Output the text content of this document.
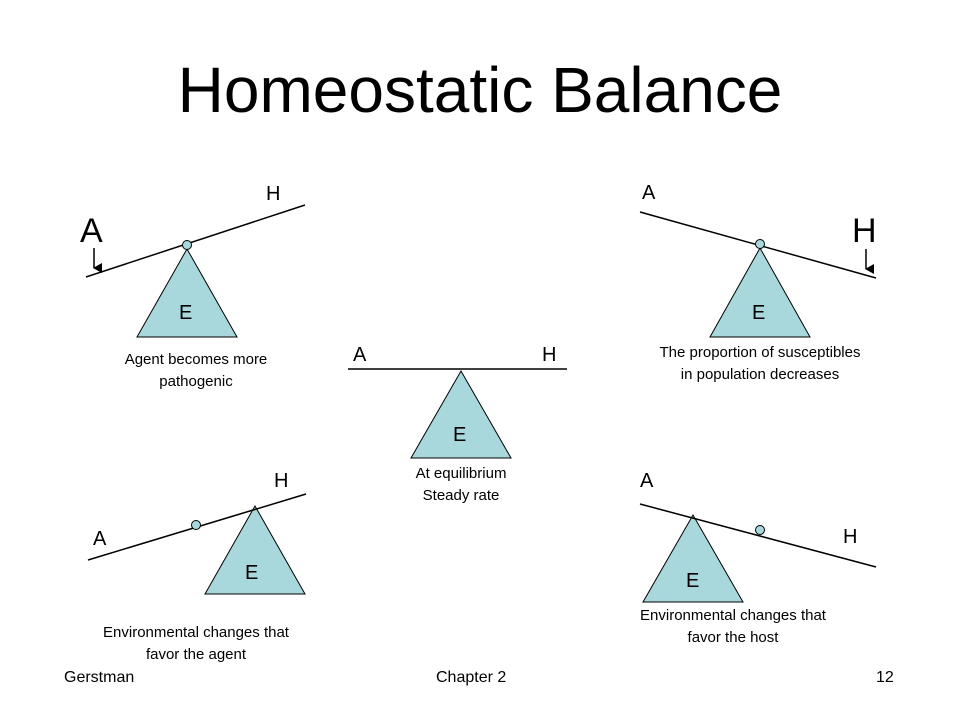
Homeostatic Balance
A
H
E
Agent becomes more
pathogenic
A
H
E
The proportion of susceptibles
in population decreases
A	H
E
At equilibrium
Steady rate
A
H
E
Environmental changes that
favor the agent
A
H
E
Environmental changes that
favor the host
Gerstman	Chapter 2	12
